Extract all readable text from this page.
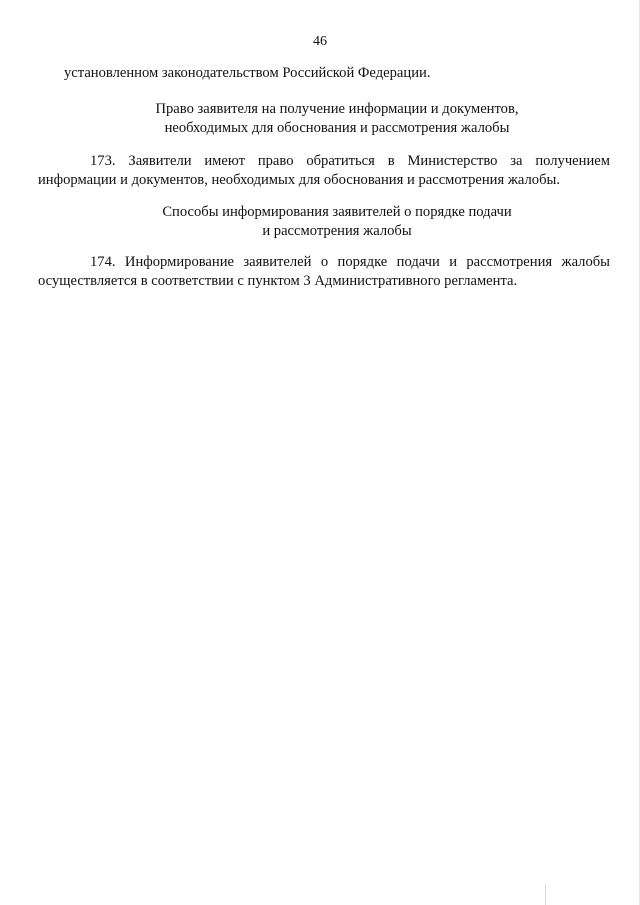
46
установленном законодательством Российской Федерации.
Право заявителя на получение информации и документов,
необходимых для обоснования и рассмотрения жалобы
173. Заявители имеют право обратиться в Министерство за получением
информации и документов, необходимых для обоснования и рассмотрения жалобы.
Способы информирования заявителей о порядке подачи
и рассмотрения жалобы
174. Информирование заявителей о порядке подачи и рассмотрения жалобы
осуществляется в соответствии с пунктом 3 Административного регламента.
